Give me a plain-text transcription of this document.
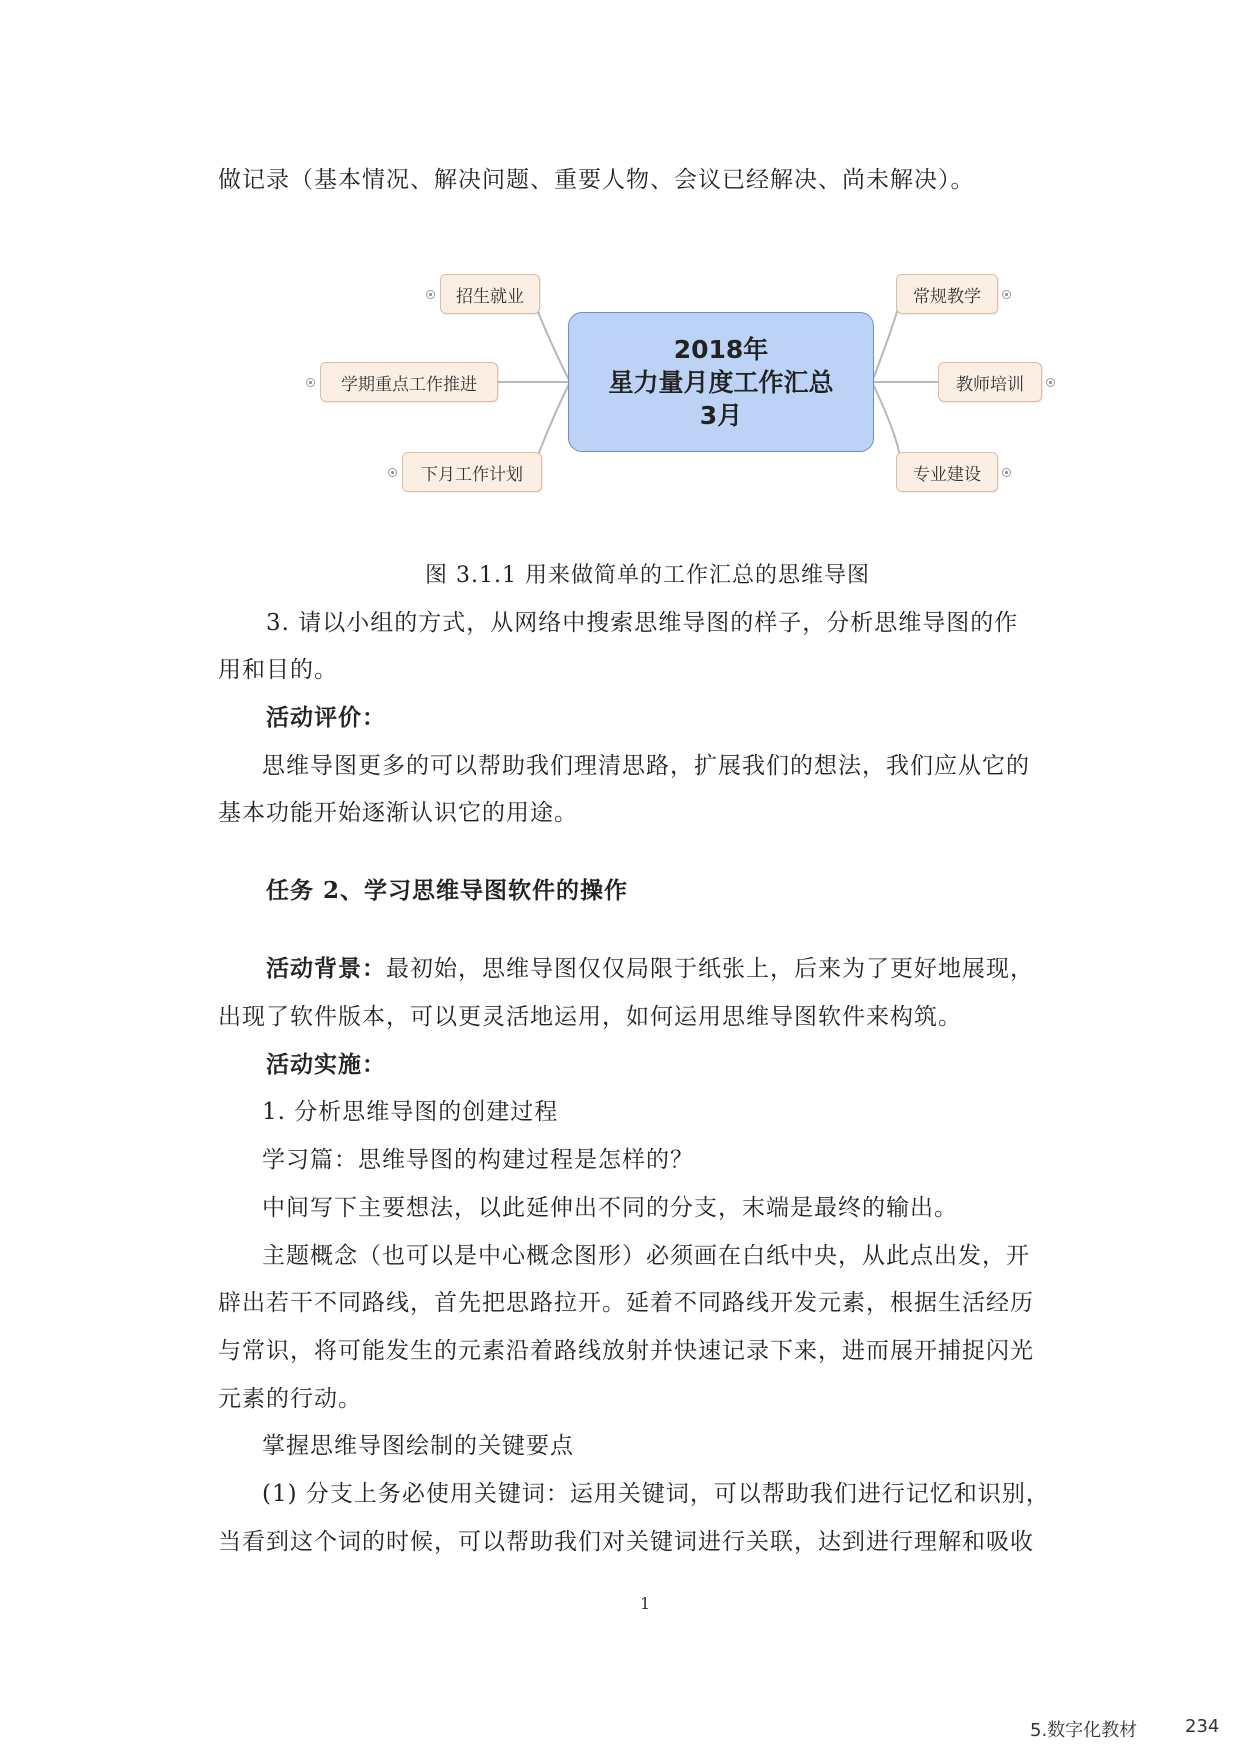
做记录（基本情况、解决问题、重要人物、会议已经解决、尚未解决）。
2018年
星力量月度工作汇总
3月
招生就业
学期重点工作推进
下月工作计划
常规教学
教师培训
专业建设
图 3.1.1 用来做简单的工作汇总的思维导图
3. 请以小组的方式，从网络中搜索思维导图的样子，分析思维导图的作
用和目的。
活动评价：
思维导图更多的可以帮助我们理清思路，扩展我们的想法，我们应从它的
基本功能开始逐渐认识它的用途。
任务 2、学习思维导图软件的操作
活动背景：最初始，思维导图仅仅局限于纸张上，后来为了更好地展现，
出现了软件版本，可以更灵活地运用，如何运用思维导图软件来构筑。
活动实施：
1. 分析思维导图的创建过程
学习篇：思维导图的构建过程是怎样的？
中间写下主要想法，以此延伸出不同的分支，末端是最终的输出。
主题概念（也可以是中心概念图形）必须画在白纸中央，从此点出发，开
辟出若干不同路线，首先把思路拉开。延着不同路线开发元素，根据生活经历
与常识，将可能发生的元素沿着路线放射并快速记录下来，进而展开捕捉闪光
元素的行动。
掌握思维导图绘制的关键要点
(1) 分支上务必使用关键词：运用关键词，可以帮助我们进行记忆和识别，
当看到这个词的时候，可以帮助我们对关键词进行关联，达到进行理解和吸收
1
5.数字化教材	234
